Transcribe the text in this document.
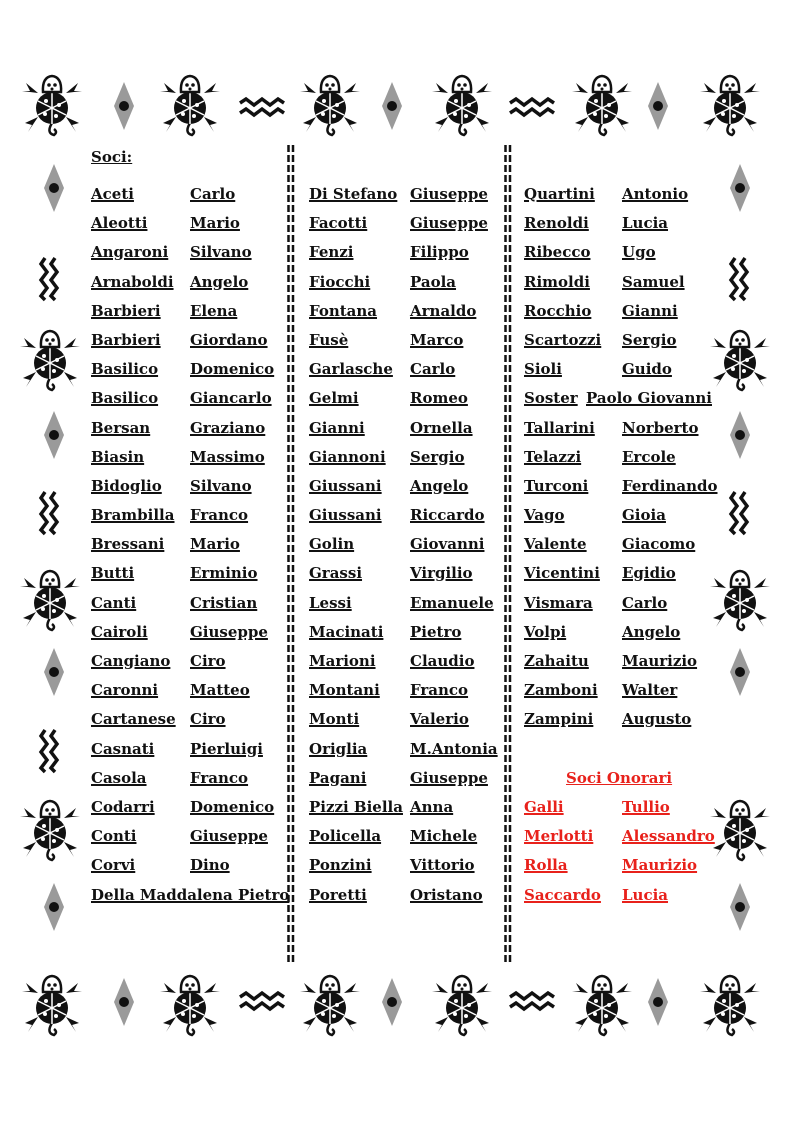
Soci:
Aceti	Carlo
Aleotti	Mario
Angaroni Silvano
Arnaboldi Angelo
Barbieri Elena
Barbieri Giordano
Basilico Domenico
Basilico Giancarlo
Bersan	Graziano
Biasin	Massimo
Bidoglio Silvano
Brambilla Franco
Bressani Mario
Butti	Erminio
Canti	Cristian
Cairoli	Giuseppe
Cangiano Ciro
Caronni Matteo
Cartanese Ciro
Casnati Pierluigi
Casola	Franco
Codarri Domenico
Conti	Giuseppe
Corvi	Dino
Della Maddalena Pietro
Di Stefano Giuseppe
Facotti	Giuseppe
Fenzi	Filippo
Fiocchi	Paola
Fontana Arnaldo
Fusè	Marco
Garlasche Carlo
Gelmi	Romeo
Gianni	Ornella
Giannoni Sergio
Giussani Angelo
Giussani Riccardo
Golin	Giovanni
Grassi	Virgilio
Lessi	Emanuele
Macinati Pietro
Marioni Claudio
Montani Franco
Monti	Valerio
Origlia	M.Antonia
Pagani	Giuseppe
Pizzi Biella Anna
Policella Michele
Ponzini	Vittorio
Poretti	Oristano
Quartini Antonio
Renoldi Lucia
Ribecco Ugo
Rimoldi Samuel
Rocchio Gianni
Scartozzi Sergio
Sioli	Guido
Soster Paolo Giovanni
Tallarini Norberto
Telazzi	Ercole
Turconi Ferdinando
Vago	Gioia
Valente Giacomo
Vicentini Egidio
Vismara Carlo
Volpi	Angelo
Zahaitu Maurizio
Zamboni Walter
Zampini Augusto
Soci Onorari
Galli	Tullio
Merlotti Alessandro
Rolla	Maurizio
Saccardo Lucia
